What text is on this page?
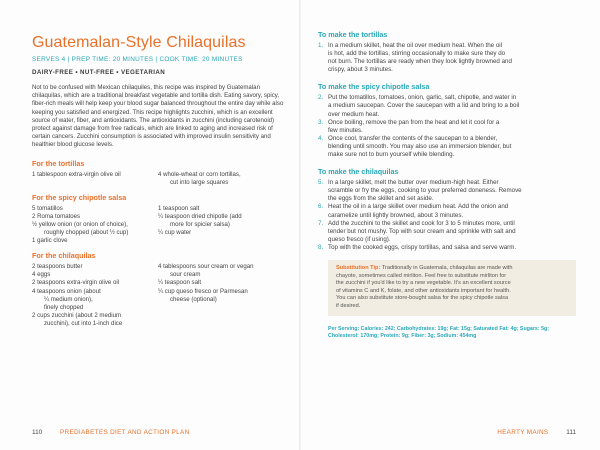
Guatemalan-Style Chilaquilas
SERVES 4 | PREP TIME: 20 MINUTES | COOK TIME: 20 MINUTES
DAIRY-FREE • NUT-FREE • VEGETARIAN

Not to be confused with Mexican chilaquiles, this recipe was inspired by Guatemalan chilaquilas, which are a traditional breakfast vegetable and tortilla dish. Eating savory, spicy, fiber-rich meals will help keep your blood sugar balanced throughout the entire day while also keeping you satisfied and energized. This recipe highlights zucchini, which is an excellent source of water, fiber, and antioxidants. The antioxidants in zucchini (including carotenoid) protect against damage from free radicals, which are linked to aging and increased risk of certain cancers. Zucchini consumption is associated with improved insulin sensitivity and healthier blood glucose levels.

For the tortillas
1 tablespoon extra-virgin olive oil	4 whole-wheat or corn tortillas,
cut into large squares
For the spicy chipotle salsa
5 tomatillos
2 Roma tomatoes
½ yellow onion (or onion of choice),
roughly chopped (about ½ cup)
1 garlic clove
1 teaspoon salt
¼ teaspoon dried chipotle (add
more for spicier salsa)
¼ cup water
For the chilaquilas
2 teaspoons butter
4 eggs
2 teaspoons extra-virgin olive oil
4 teaspoons onion (about
¼ medium onion),
finely chopped
2 cups zucchini (about 2 medium
zucchini), cut into 1-inch dice
4 tablespoons sour cream or vegan
sour cream
¼ teaspoon salt
¼ cup queso fresco or Parmesan
cheese (optional)
110	PREDIABETES DIET AND ACTION PLAN
To make the tortillas
1. In a medium skillet, heat the oil over medium heat. When the oil
is hot, add the tortillas, stirring occasionally to make sure they do
not burn. The tortillas are ready when they look lightly browned and
crispy, about 3 minutes.
To make the spicy chipotle salsa
2. Put the tomatillos, tomatoes, onion, garlic, salt, chipotle, and water in
a medium saucepan. Cover the saucepan with a lid and bring to a boil
over medium heat.
3. Once boiling, remove the pan from the heat and let it cool for a
few minutes.
4. Once cool, transfer the contents of the saucepan to a blender,
blending until smooth. You may also use an immersion blender, but
make sure not to burn yourself while blending.
To make the chilaquilas
5. In a large skillet, melt the butter over medium-high heat. Either
scramble or fry the eggs, cooking to your preferred doneness. Remove
the eggs from the skillet and set aside.
6. Heat the oil in a large skillet over medium heat. Add the onion and
caramelize until lightly browned, about 3 minutes.
7. Add the zucchini to the skillet and cook for 3 to 5 minutes more, until
tender but not mushy. Top with sour cream and sprinkle with salt and
queso fresco (if using).
8. Top with the cooked eggs, crispy tortillas, and salsa and serve warm.
Substitution Tip: Traditionally in Guatemala, chilaquilas are made with
chayote, sometimes called mirliton. Feel free to substitute mirliton for
the zucchini if you'd like to try a new vegetable. It's an excellent source
of vitamins C and K, folate, and other antioxidants important for health.
You can also substitute store-bought salsa for the spicy chipotle salsa
if desired.
Per Serving: Calories: 242; Carbohydrates: 19g; Fat: 15g; Saturated Fat: 4g; Sugars: 5g;
Cholesterol: 170mg; Protein: 9g; Fiber: 3g; Sodium: 454mg
HEARTY MAINS	111
